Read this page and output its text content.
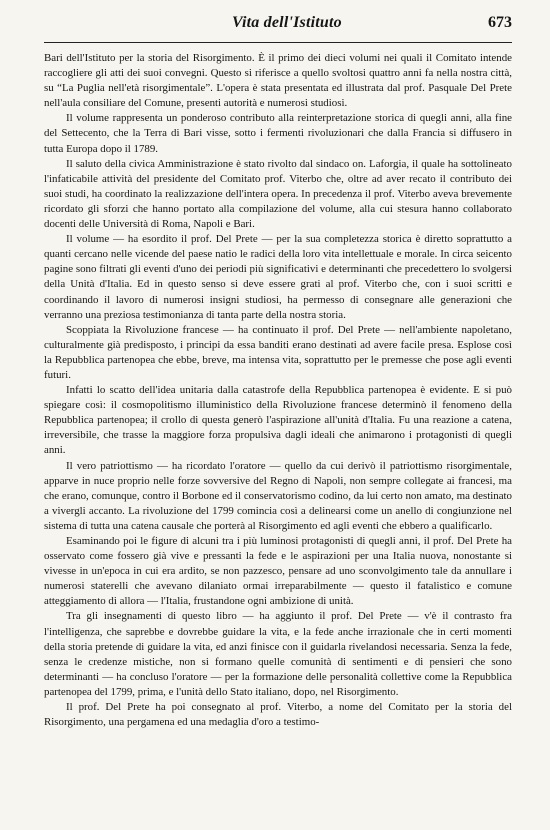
Vita dell'Istituto	673

Bari dell'Istituto per la storia del Risorgimento. È il primo dei dieci volumi nei quali il Comitato intende raccogliere gli atti dei suoi convegni. Questo si riferisce a quello svoltosi quattro anni fa nella nostra città, su “La Puglia nell'età risorgimentale”. L'opera è stata presentata ed illustrata dal prof. Pasquale Del Prete nell'aula consiliare del Comune, presenti autorità e numerosi studiosi.

Il volume rappresenta un ponderoso contributo alla reinterpretazione storica di quegli anni, alla fine del Settecento, che la Terra di Bari visse, sotto i fermenti rivoluzionari che dalla Francia si diffusero in tutta Europa dopo il 1789.

Il saluto della civica Amministrazione è stato rivolto dal sindaco on. Laforgia, il quale ha sottolineato l'infaticabile attività del presidente del Comitato prof. Viterbo che, oltre ad aver recato il contributo dei suoi studi, ha coordinato la realizzazione dell'intera opera. In precedenza il prof. Viterbo aveva brevemente ricordato gli sforzi che hanno portato alla compilazione del volume, alla cui stesura hanno collaborato docenti delle Università di Roma, Napoli e Bari.

Il volume — ha esordito il prof. Del Prete — per la sua completezza storica è diretto soprattutto a quanti cercano nelle vicende del paese natio le radici della loro vita intellettuale e morale. In circa seicento pagine sono filtrati gli eventi d'uno dei periodi più significativi e determinanti che precedettero lo svolgersi della Unità d'Italia. Ed in questo senso si deve essere grati al prof. Viterbo che, con i suoi scritti e coordinando il lavoro di numerosi insigni studiosi, ha permesso di consegnare alle generazioni che verranno una preziosa testimonianza di tanta parte della nostra storia.

Scoppiata la Rivoluzione francese — ha continuato il prof. Del Prete — nell'ambiente napoletano, culturalmente già predisposto, i principi da essa banditi erano destinati ad avere facile presa. Esplose così la Repubblica partenopea che ebbe, breve, ma intensa vita, soprattutto per le premesse che pose agli eventi futuri.

Infatti lo scatto dell'idea unitaria dalla catastrofe della Repubblica partenopea è evidente. E si può spiegare così: il cosmopolitismo illuministico della Rivoluzione francese determinò il fenomeno della Repubblica partenopea; il crollo di questa generò l'aspirazione all'unità d'Italia. Fu una reazione a catena, irreversibile, che trasse la maggiore forza propulsiva dagli ideali che animarono i protagonisti di quegli anni.

Il vero patriottismo — ha ricordato l'oratore — quello da cui derivò il patriottismo risorgimentale, apparve in nuce proprio nelle forze sovversive del Regno di Napoli, non sempre collegate ai francesi, ma che erano, comunque, contro il Borbone ed il conservatorismo codino, da lui certo non amato, ma destinato a vivergli accanto. La rivoluzione del 1799 comincia così a delinearsi come un anello di congiunzione nel sistema di tutta una catena causale che porterà al Risorgimento ed agli eventi che ebbero a qualificarlo.

Esaminando poi le figure di alcuni tra i più luminosi protagonisti di quegli anni, il prof. Del Prete ha osservato come fossero già vive e pressanti la fede e le aspirazioni per una Italia nuova, nonostante si vivesse in un'epoca in cui era ardito, se non pazzesco, pensare ad uno sconvolgimento tale da annullare i numerosi staterelli che avevano dilaniato ormai irreparabilmente — questo il fatalistico e comune atteggiamento di allora — l'Italia, frustandone ogni ambizione di unità.

Tra gli insegnamenti di questo libro — ha aggiunto il prof. Del Prete — v'è il contrasto fra l'intelligenza, che saprebbe e dovrebbe guidare la vita, e la fede anche irrazionale che in certi momenti della storia pretende di guidare la vita, ed anzi finisce con il guidarla rivelandosi necessaria. Senza la fede, senza le credenze mistiche, non si formano quelle comunità di sentimenti e di pensieri che sono determinanti — ha concluso l'oratore — per la formazione delle personalità collettive come la Repubblica partenopea del 1799, prima, e l'unità dello Stato italiano, dopo, nel Risorgimento.

Il prof. Del Prete ha poi consegnato al prof. Viterbo, a nome del Comitato per la storia del Risorgimento, una pergamena ed una medaglia d'oro a testimo-
